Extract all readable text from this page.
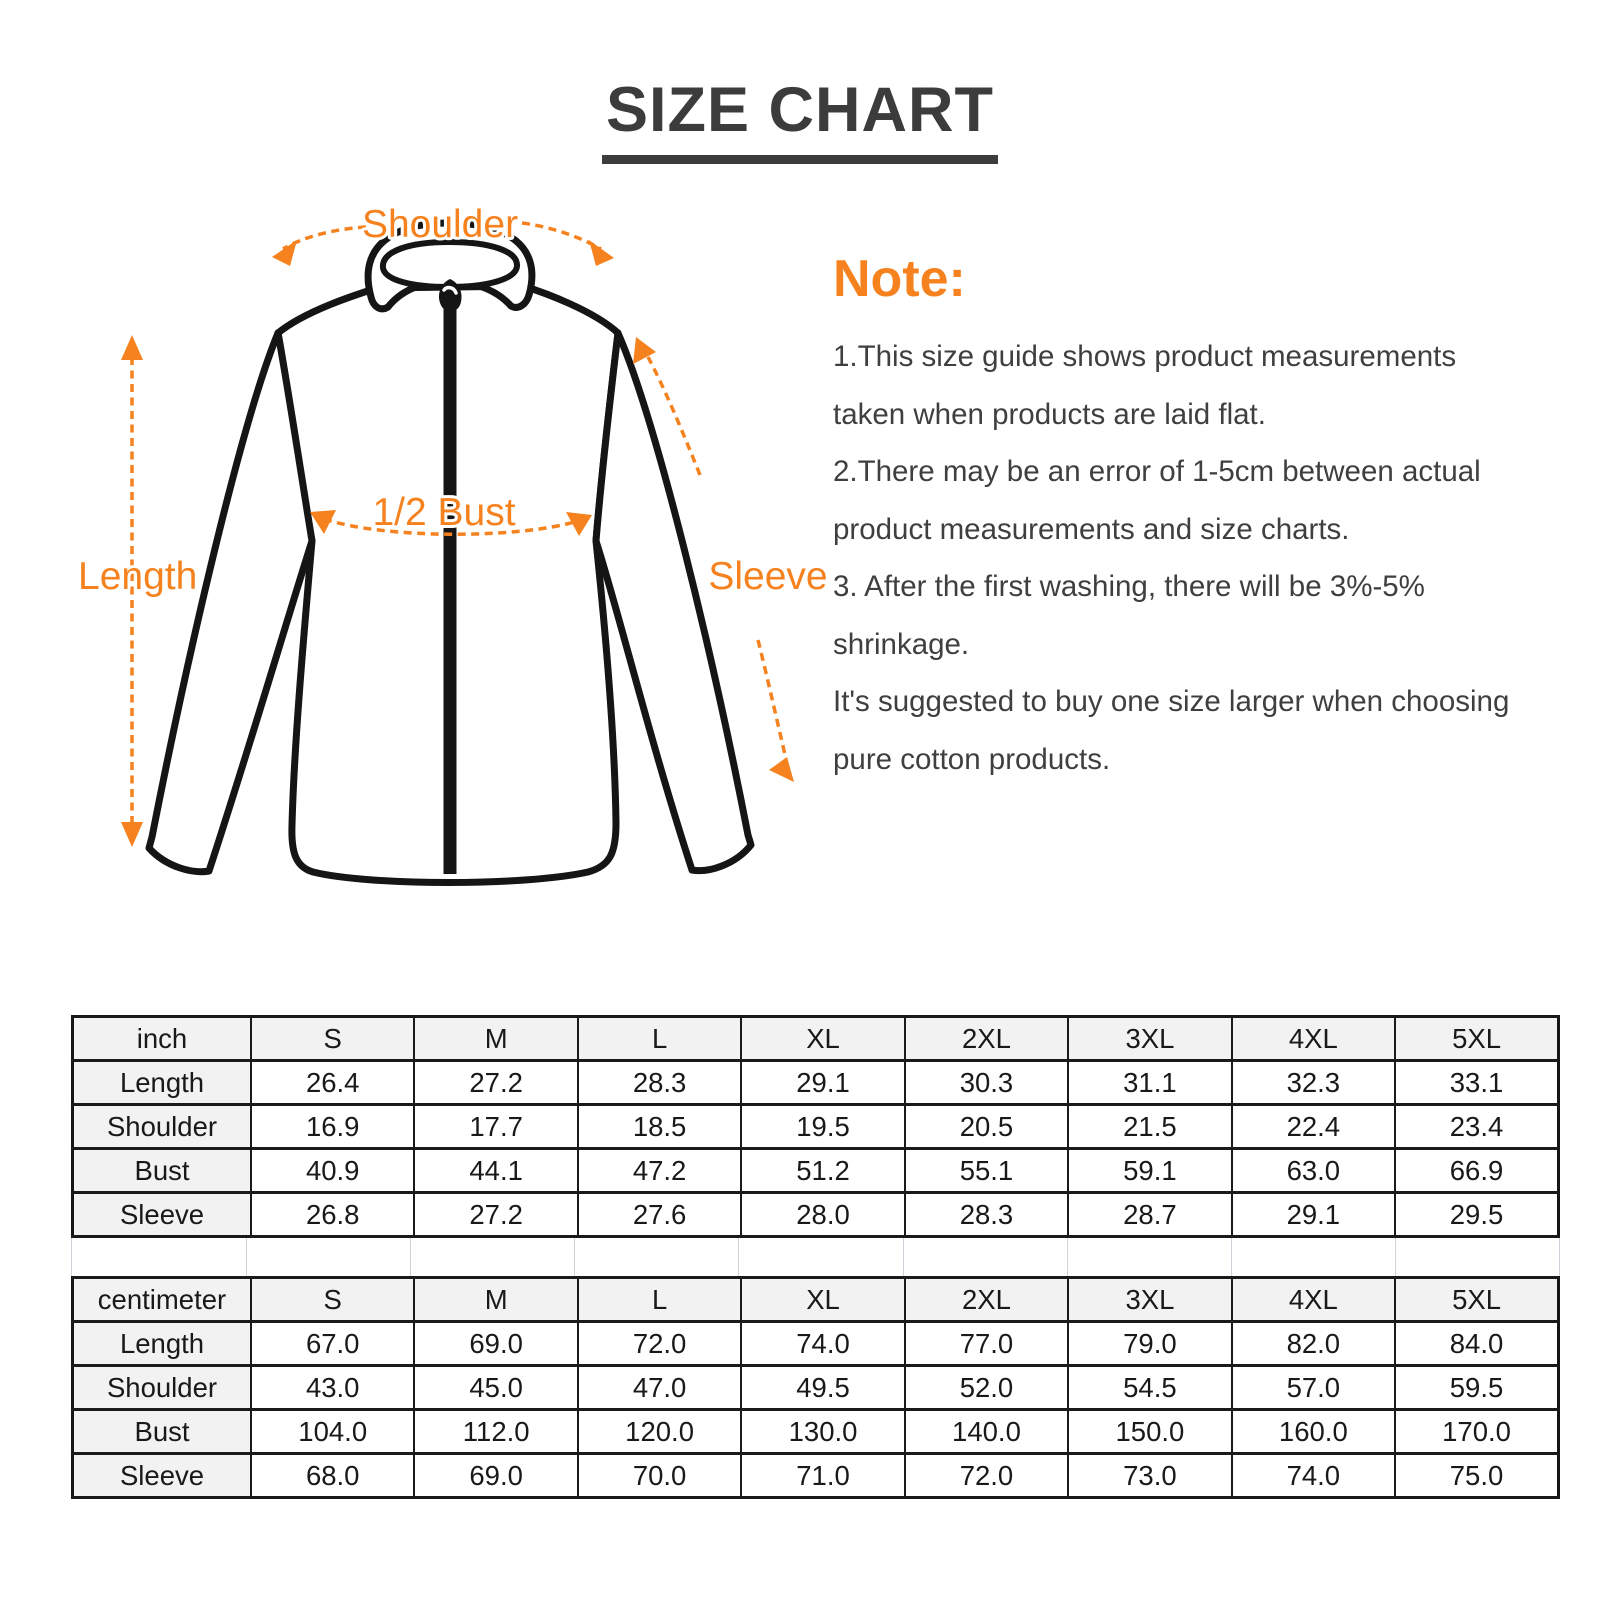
SIZE CHART
Shoulder
Length
1/2 Bust
Sleeve
Note:

1.This size guide shows product measurements

taken when products are laid flat.

2.There may be an error of 1-5cm between actual

product measurements and size charts.

3. After the first washing, there will be 3%-5%

shrinkage.

It's suggested to buy one size larger when choosing

pure cotton products.

inch	S	M	L	XL	2XL	3XL	4XL	5XL
Length	26.4	27.2	28.3	29.1	30.3	31.1	32.3	33.1
Shoulder	16.9	17.7	18.5	19.5	20.5	21.5	22.4	23.4
Bust	40.9	44.1	47.2	51.2	55.1	59.1	63.0	66.9
Sleeve	26.8	27.2	27.6	28.0	28.3	28.7	29.1	29.5
centimeter	S	M	L	XL	2XL	3XL	4XL	5XL
Length	67.0	69.0	72.0	74.0	77.0	79.0	82.0	84.0
Shoulder	43.0	45.0	47.0	49.5	52.0	54.5	57.0	59.5
Bust	104.0	112.0	120.0	130.0	140.0	150.0	160.0	170.0
Sleeve	68.0	69.0	70.0	71.0	72.0	73.0	74.0	75.0
